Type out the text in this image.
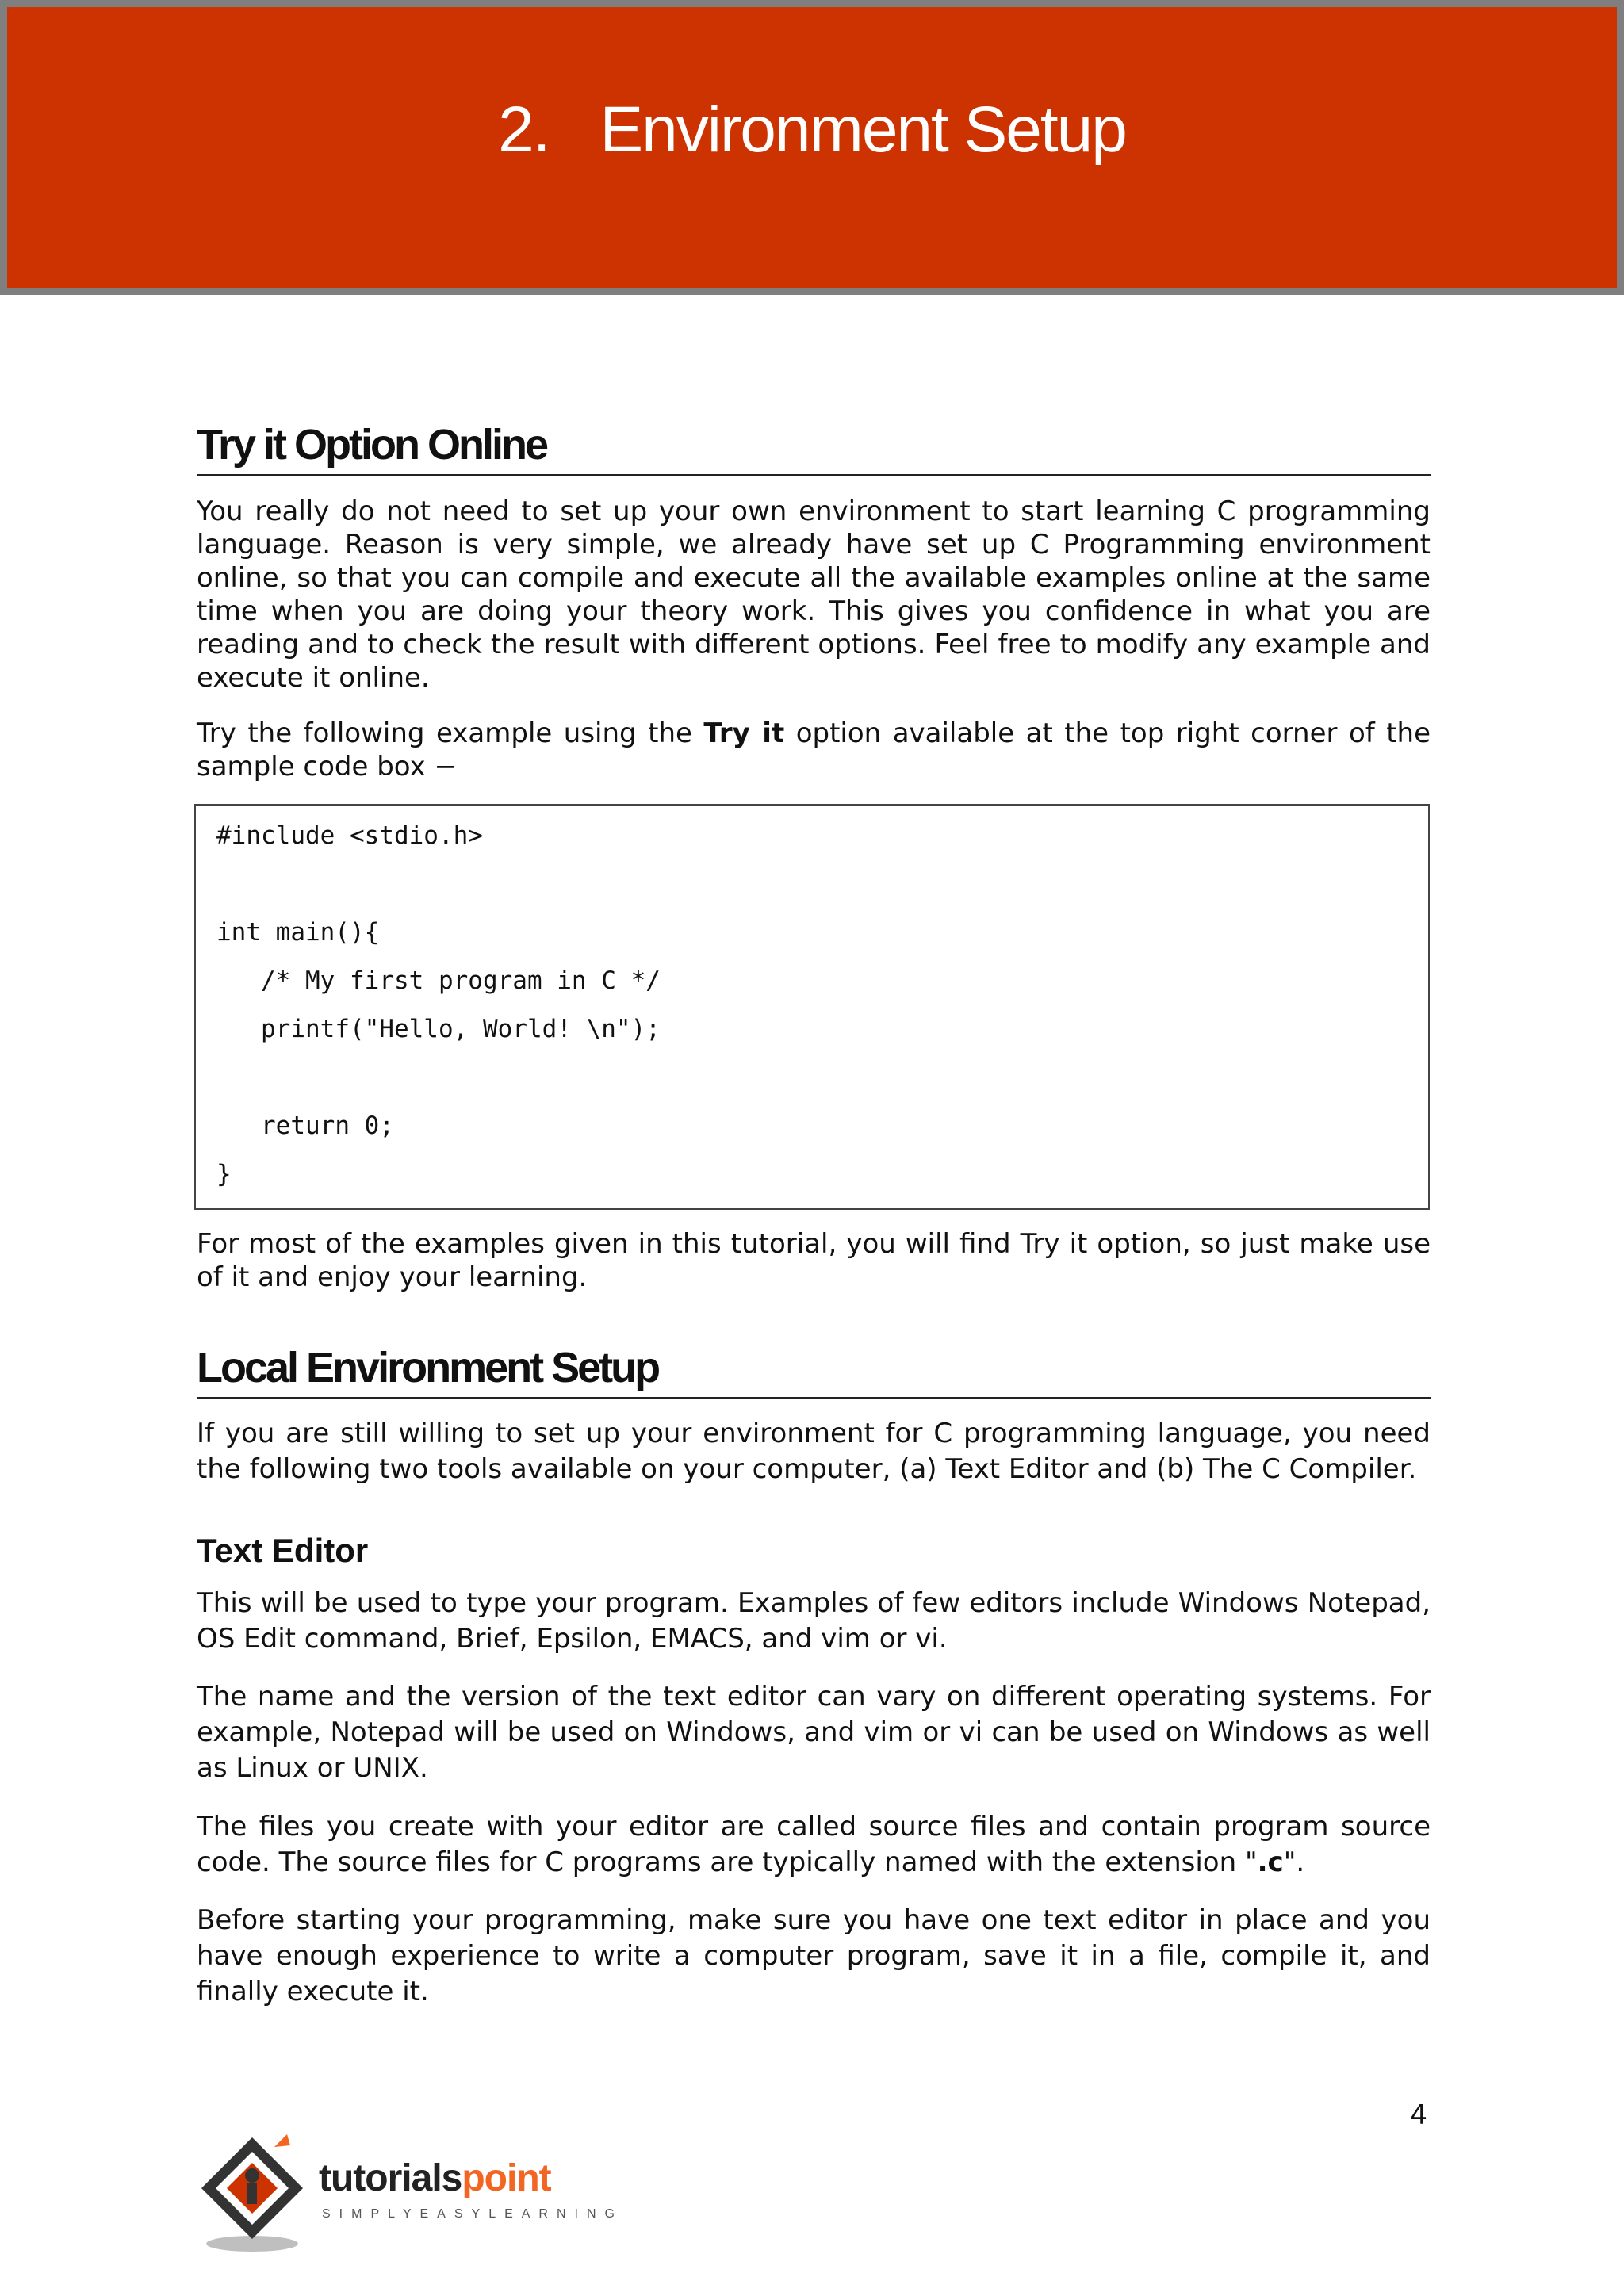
2. Environment Setup
Try it Option Online

You really do not need to set up your own environment to start learning C programming language. Reason is very simple, we already have set up C Programming environment online, so that you can compile and execute all the available examples online at the same time when you are doing your theory work. This gives you confidence in what you are reading and to check the result with different options. Feel free to modify any example and execute it online.

Try the following example using the Try it option available at the top right corner of the sample code box −

#include <stdio.h>
int main(){
/* My first program in C */
printf("Hello, World! \n");
return 0;
}

For most of the examples given in this tutorial, you will find Try it option, so just make use of it and enjoy your learning.

Local Environment Setup

If you are still willing to set up your environment for C programming language, you need the following two tools available on your computer, (a) Text Editor and (b) The C Compiler.

Text Editor

This will be used to type your program. Examples of few editors include Windows Notepad, OS Edit command, Brief, Epsilon, EMACS, and vim or vi.

The name and the version of the text editor can vary on different operating systems. For example, Notepad will be used on Windows, and vim or vi can be used on Windows as well as Linux or UNIX.

The files you create with your editor are called source files and contain program source code. The source files for C programs are typically named with the extension ".c".

Before starting your programming, make sure you have one text editor in place and you have enough experience to write a computer program, save it in a file, compile it, and finally execute it.

4
tutorialspoint
SIMPLYEASYLEARNING
